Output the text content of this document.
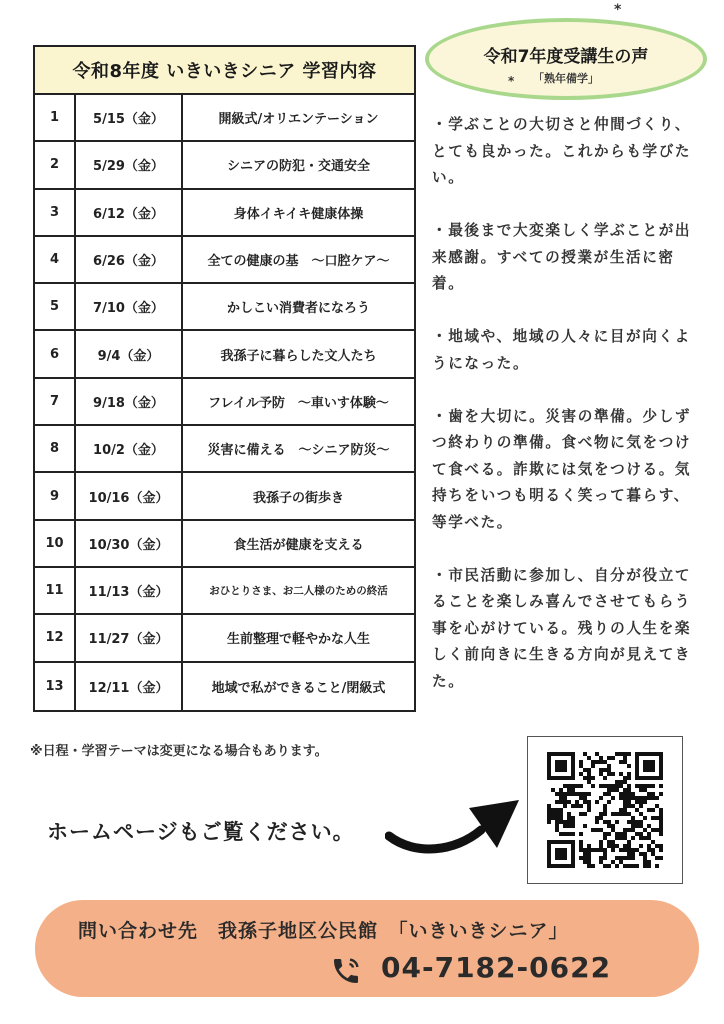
令和8年度 いきいきシニア 学習内容
1	5/15（金）	開級式/オリエンテーション
2	5/29（金）	シニアの防犯・交通安全
3	6/12（金）	身体イキイキ健康体操
4	6/26（金）	全ての健康の基　～口腔ケア～
5	7/10（金）	かしこい消費者になろう
6	9/4（金）	我孫子に暮らした文人たち
7	9/18（金）	フレイル予防　～車いす体験～
8	10/2（金）	災害に備える　～シニア防災～
9	10/16（金）	我孫子の街歩き
10	10/30（金）	食生活が健康を支える
11	11/13（金）	おひとりさま、お二人様のための終活
12	11/27（金）	生前整理で軽やかな人生
13	12/11（金）	地域で私ができること/閉級式
*
令和7年度受講生の声
*	「熟年備学」

・学ぶことの大切さと仲間づくり、とても良かった。これからも学びたい。

・最後まで大変楽しく学ぶことが出来感謝。すべての授業が生活に密着。

・地域や、地域の人々に目が向くようになった。

・歯を大切に。災害の準備。少しずつ終わりの準備。食べ物に気をつけて食べる。詐欺には気をつける。気持ちをいつも明るく笑って暮らす、等学べた。

・市民活動に参加し、自分が役立てることを楽しみ喜んでさせてもらう事を心がけている。残りの人生を楽しく前向きに生きる方向が見えてきた。

※日程・学習テーマは変更になる場合もあります。
ホームページもご覧ください。
問い合わせ先　我孫子地区公民館　「いきいきシニア」
04-7182-0622
